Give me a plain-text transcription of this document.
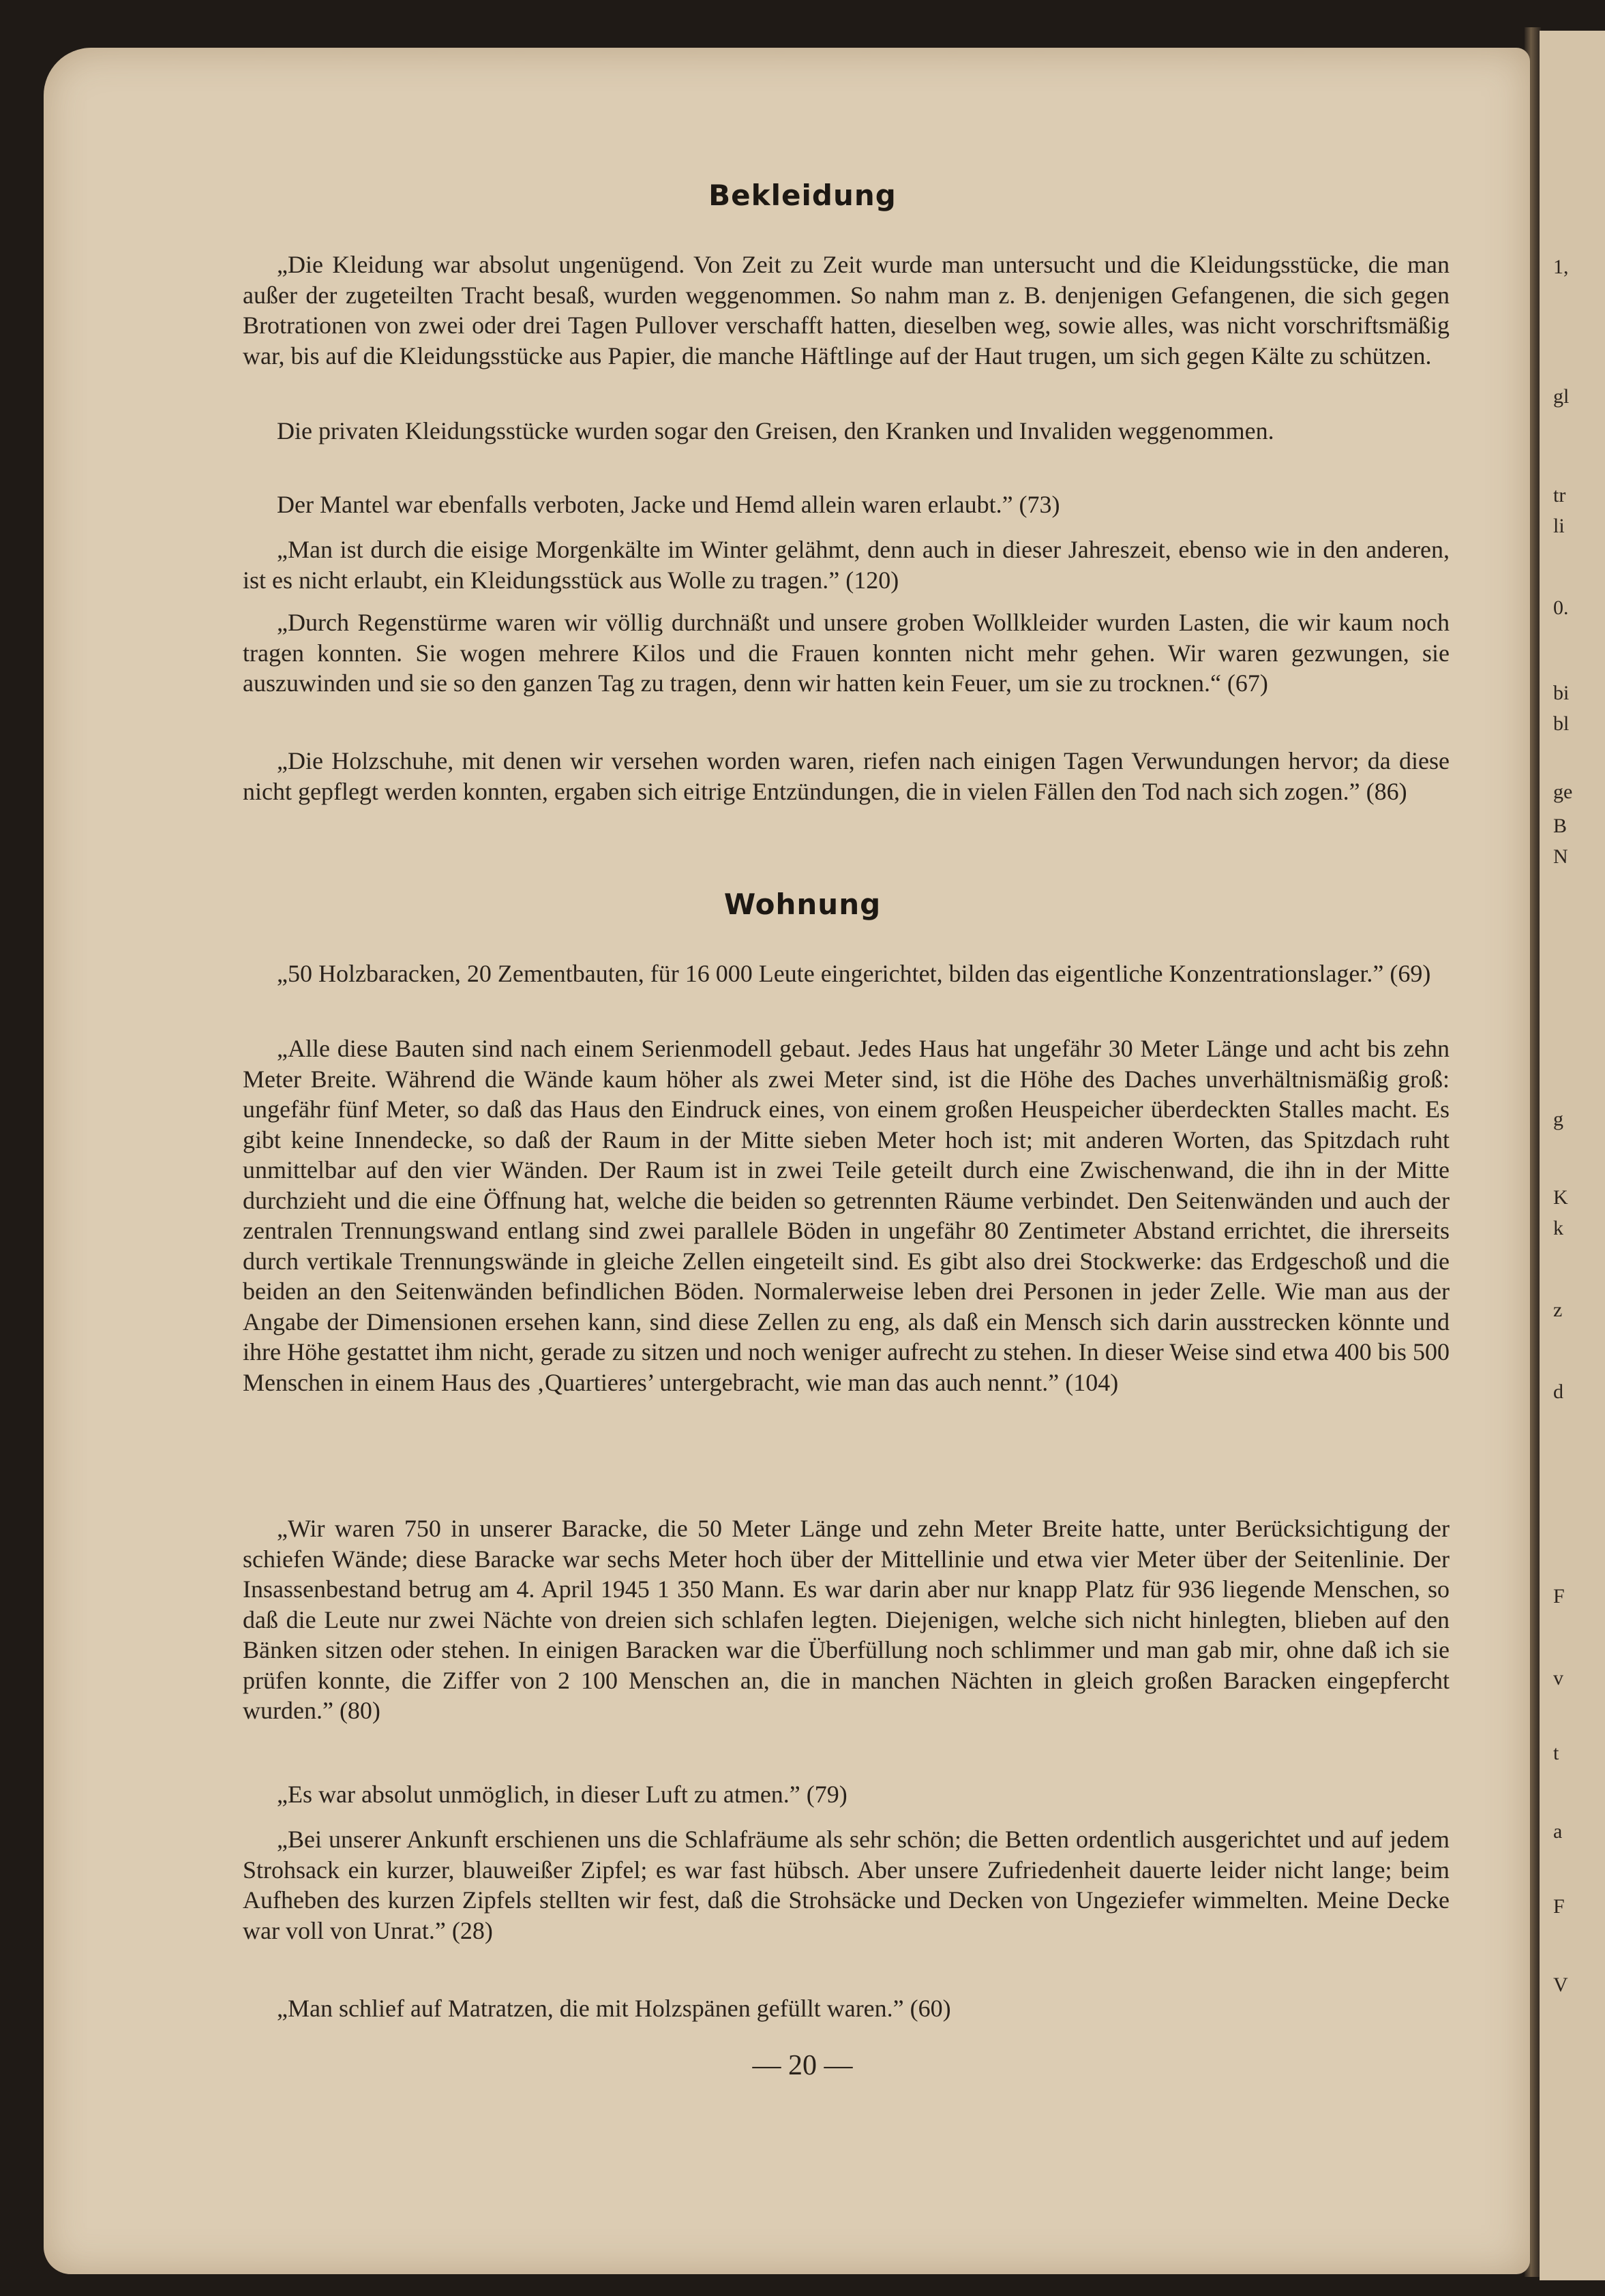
1,
gl
tr
li
0.
bi
bl
ge
B
N
g
K
k
z
d
F
v
t
a
F
V
Bekleidung
„Die Kleidung war absolut ungenügend. Von Zeit zu Zeit wurde man untersucht und die Kleidungsstücke, die man außer der zugeteilten Tracht besaß, wurden weggenommen. So nahm man z. B. denjenigen Gefangenen, die sich gegen Brotrationen von zwei oder drei Tagen Pullover verschafft hatten, dieselben weg, sowie alles, was nicht vorschriftsmäßig war, bis auf die Kleidungsstücke aus Papier, die manche Häftlinge auf der Haut trugen, um sich gegen Kälte zu schützen.
Die privaten Kleidungsstücke wurden sogar den Greisen, den Kranken und Invaliden weggenommen.
Der Mantel war ebenfalls verboten, Jacke und Hemd allein waren erlaubt.” (73)
„Man ist durch die eisige Morgenkälte im Winter gelähmt, denn auch in dieser Jahreszeit, ebenso wie in den anderen, ist es nicht erlaubt, ein Kleidungsstück aus Wolle zu tragen.” (120)
„Durch Regenstürme waren wir völlig durchnäßt und unsere groben Wollkleider wurden Lasten, die wir kaum noch tragen konnten. Sie wogen mehrere Kilos und die Frauen konnten nicht mehr gehen. Wir waren gezwungen, sie auszuwinden und sie so den ganzen Tag zu tragen, denn wir hatten kein Feuer, um sie zu trocknen.“ (67)
„Die Holzschuhe, mit denen wir versehen worden waren, riefen nach einigen Tagen Verwundungen hervor; da diese nicht gepflegt werden konnten, ergaben sich eitrige Entzündungen, die in vielen Fällen den Tod nach sich zogen.” (86)
Wohnung
„50 Holzbaracken, 20 Zementbauten, für 16 000 Leute eingerichtet, bilden das eigentliche Konzentrationslager.” (69)
„Alle diese Bauten sind nach einem Serienmodell gebaut. Jedes Haus hat ungefähr 30 Meter Länge und acht bis zehn Meter Breite. Während die Wände kaum höher als zwei Meter sind, ist die Höhe des Daches unverhältnismäßig groß: ungefähr fünf Meter, so daß das Haus den Eindruck eines, von einem großen Heuspeicher überdeckten Stalles macht. Es gibt keine Innendecke, so daß der Raum in der Mitte sieben Meter hoch ist; mit anderen Worten, das Spitzdach ruht unmittelbar auf den vier Wänden. Der Raum ist in zwei Teile geteilt durch eine Zwischenwand, die ihn in der Mitte durchzieht und die eine Öffnung hat, welche die beiden so getrennten Räume verbindet. Den Seitenwänden und auch der zentralen Trennungswand entlang sind zwei parallele Böden in ungefähr 80 Zentimeter Abstand errichtet, die ihrerseits durch vertikale Trennungswände in gleiche Zellen eingeteilt sind. Es gibt also drei Stockwerke: das Erdgeschoß und die beiden an den Seitenwänden befindlichen Böden. Normalerweise leben drei Personen in jeder Zelle. Wie man aus der Angabe der Dimensionen ersehen kann, sind diese Zellen zu eng, als daß ein Mensch sich darin ausstrecken könnte und ihre Höhe gestattet ihm nicht, gerade zu sitzen und noch weniger aufrecht zu stehen. In dieser Weise sind etwa 400 bis 500 Menschen in einem Haus des ‚Quartieres’ untergebracht, wie man das auch nennt.” (104)
„Wir waren 750 in unserer Baracke, die 50 Meter Länge und zehn Meter Breite hatte, unter Berücksichtigung der schiefen Wände; diese Baracke war sechs Meter hoch über der Mittellinie und etwa vier Meter über der Seitenlinie. Der Insassenbestand betrug am 4. April 1945 1 350 Mann. Es war darin aber nur knapp Platz für 936 liegende Menschen, so daß die Leute nur zwei Nächte von dreien sich schlafen legten. Diejenigen, welche sich nicht hinlegten, blieben auf den Bänken sitzen oder stehen. In einigen Baracken war die Überfüllung noch schlimmer und man gab mir, ohne daß ich sie prüfen konnte, die Ziffer von 2 100 Menschen an, die in manchen Nächten in gleich großen Baracken eingepfercht wurden.” (80)
„Es war absolut unmöglich, in dieser Luft zu atmen.” (79)
„Bei unserer Ankunft erschienen uns die Schlafräume als sehr schön; die Betten ordentlich ausgerichtet und auf jedem Strohsack ein kurzer, blauweißer Zipfel; es war fast hübsch. Aber unsere Zufriedenheit dauerte leider nicht lange; beim Aufheben des kurzen Zipfels stellten wir fest, daß die Strohsäcke und Decken von Ungeziefer wimmelten. Meine Decke war voll von Unrat.” (28)
„Man schlief auf Matratzen, die mit Holzspänen gefüllt waren.” (60)
— 20 —
